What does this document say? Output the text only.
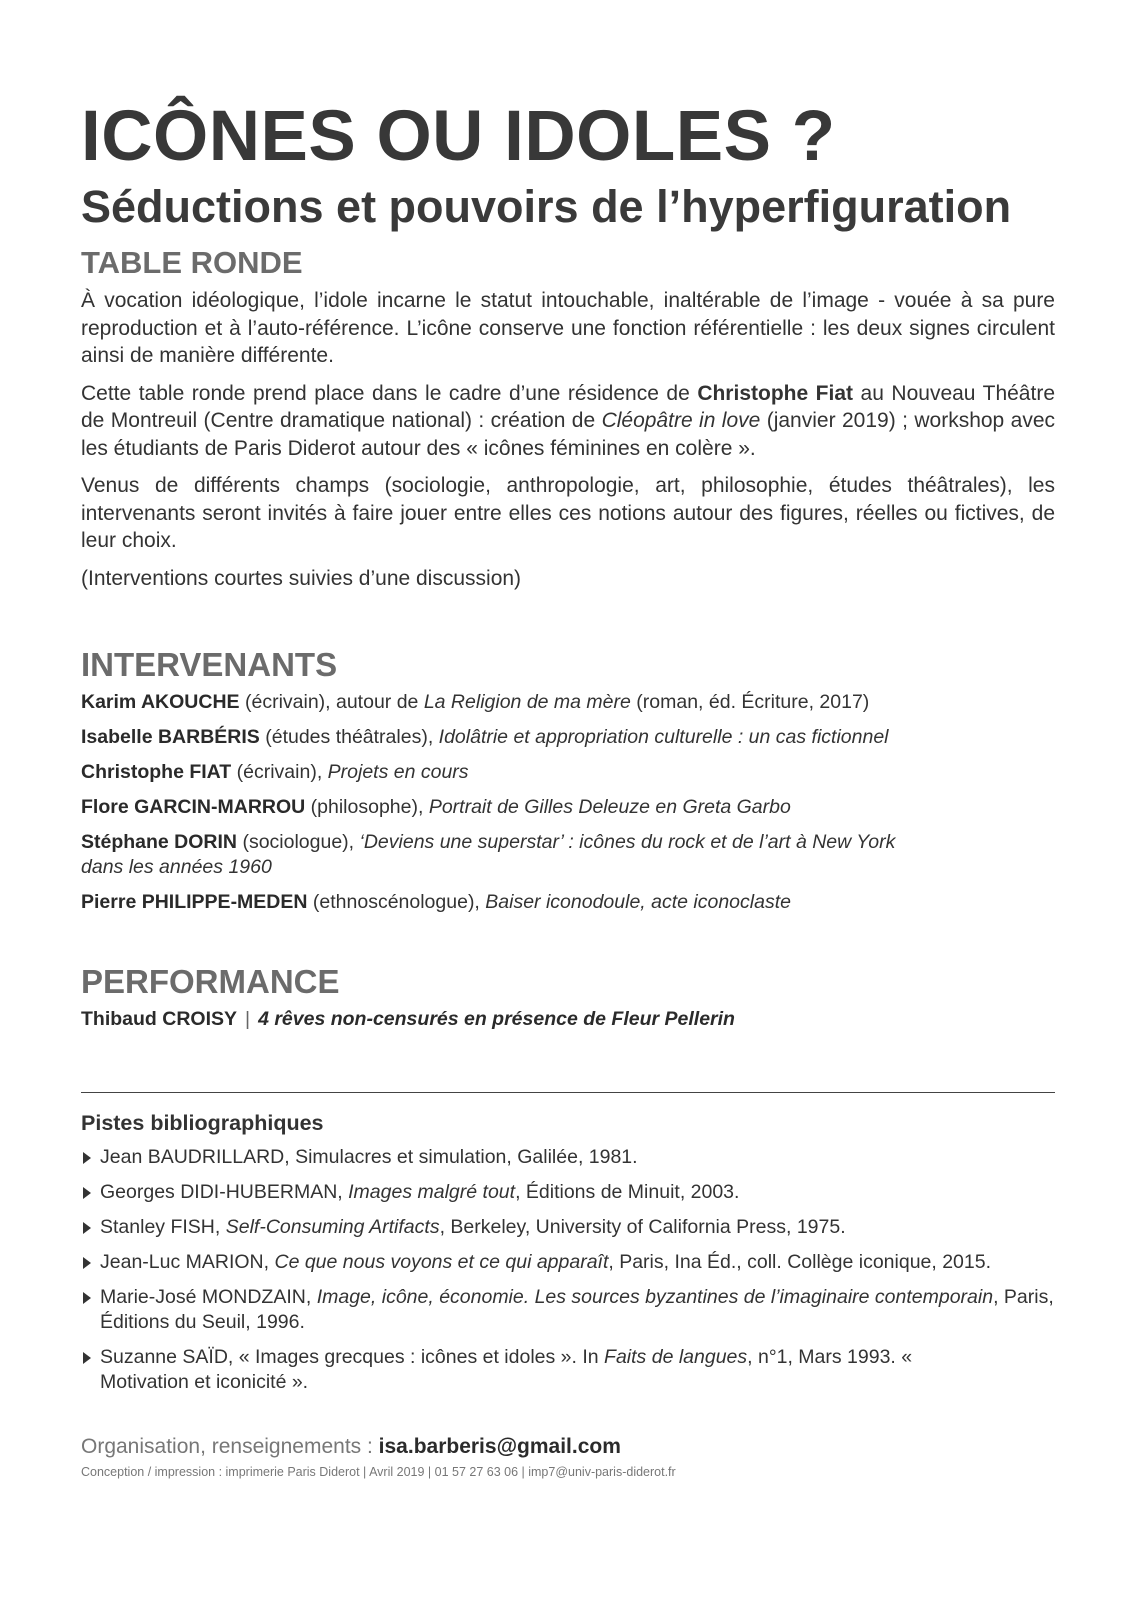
ICÔNES OU IDOLES ?
Séductions et pouvoirs de l’hyperfiguration
TABLE RONDE

À vocation idéologique, l’idole incarne le statut intouchable, inaltérable de l’image - vouée à sa pure reproduction et à l’auto-référence. L’icône conserve une fonction référentielle : les deux signes circulent ainsi de manière différente.

Cette table ronde prend place dans le cadre d’une résidence de Christophe Fiat au Nouveau Théâtre de Montreuil (Centre dramatique national) : création de Cléopâtre in love (janvier 2019) ; workshop avec les étudiants de Paris Diderot autour des « icônes féminines en colère ».

Venus de différents champs (sociologie, anthropologie, art, philosophie, études théâtrales), les intervenants seront invités à faire jouer entre elles ces notions autour des figures, réelles ou fictives, de leur choix.

(Interventions courtes suivies d’une discussion)

INTERVENANTS
Karim AKOUCHE (écrivain), autour de La Religion de ma mère (roman, éd. Écriture, 2017)
Isabelle BARBÉRIS (études théâtrales), Idolâtrie et appropriation culturelle : un cas fictionnel
Christophe FIAT (écrivain), Projets en cours
Flore GARCIN-MARROU (philosophe), Portrait de Gilles Deleuze en Greta Garbo
Stéphane DORIN (sociologue), ‘Deviens une superstar’ : icônes du rock et de l’art à New York dans les années 1960
Pierre PHILIPPE-MEDEN (ethnoscénologue), Baiser iconodoule, acte iconoclaste
PERFORMANCE
Thibaud CROISY | 4 rêves non-censurés en présence de Fleur Pellerin
Pistes bibliographiques
Jean BAUDRILLARD, Simulacres et simulation, Galilée, 1981.
Georges DIDI-HUBERMAN, Images malgré tout, Éditions de Minuit, 2003.
Stanley FISH, Self-Consuming Artifacts, Berkeley, University of California Press, 1975.
Jean-Luc MARION, Ce que nous voyons et ce qui apparaît, Paris, Ina Éd., coll. Collège iconique, 2015.
Marie-José MONDZAIN, Image, icône, économie. Les sources byzantines de l’imaginaire contemporain, Paris, Éditions du Seuil, 1996.
Suzanne SAÏD, « Images grecques : icônes et idoles ». In Faits de langues, n°1, Mars 1993. « Motivation et iconicité ».
Organisation, renseignements : isa.barberis@gmail.com
Conception / impression : imprimerie Paris Diderot | Avril 2019 | 01 57 27 63 06 | imp7@univ-paris-diderot.fr
